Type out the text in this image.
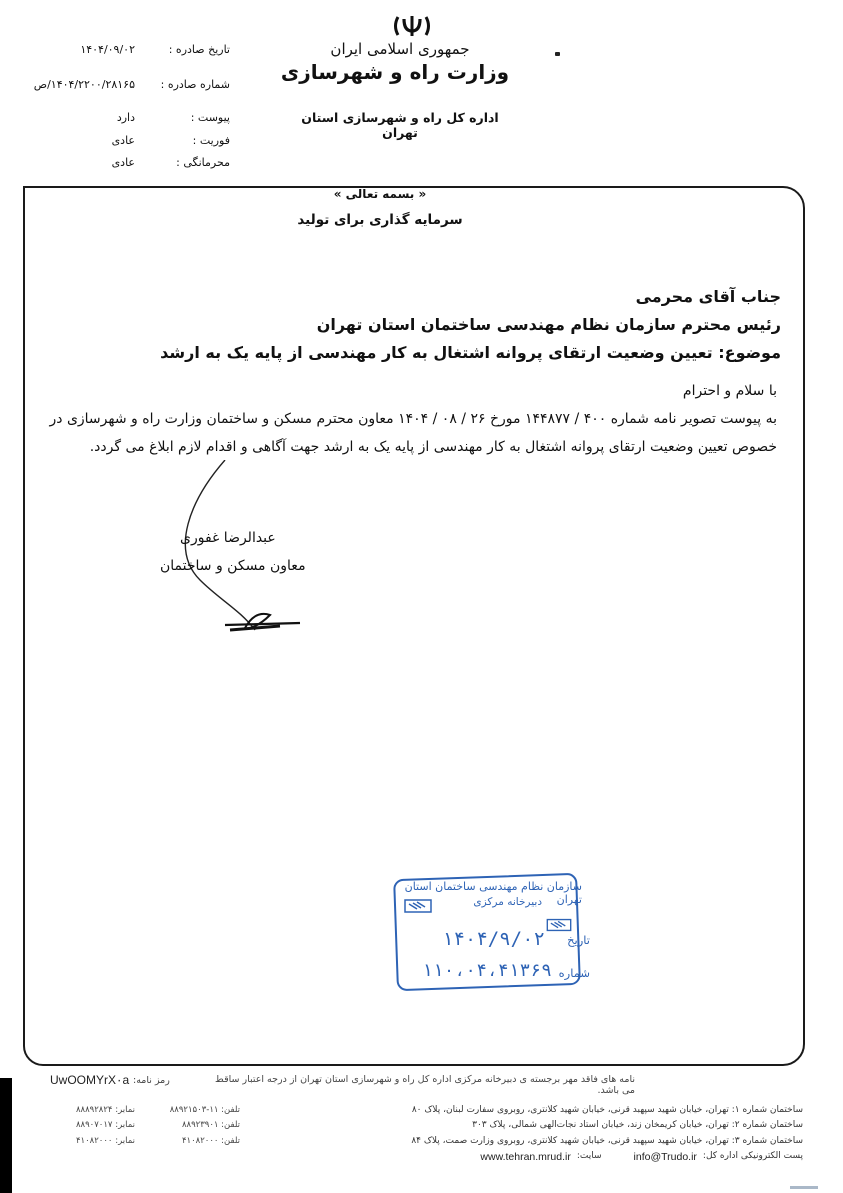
جمهوری اسلامی ایران
وزارت راه و شهرسازی
اداره کل راه و شهرسازی استان تهران
تاریخ صادره :
۱۴۰۴/۰۹/۰۲
شماره صادره :
۱۴۰۴/۲۲۰۰/۲۸۱۶۵/ص
پیوست :
دارد
فوریت :
عادی
محرمانگی :
عادی
« بسمه تعالی »
سرمایه گذاری برای تولید
جناب آقای محرمی
رئیس محترم سازمان نظام مهندسی ساختمان استان تهران
موضوع: تعیین وضعیت ارتقای پروانه اشتغال به کار مهندسی از پایه یک به ارشد
با سلام و احترام
به پیوست تصویر نامه شماره ۴۰۰ / ۱۴۴۸۷۷ مورخ ۲۶ / ۰۸ / ۱۴۰۴ معاون محترم مسکن و ساختمان وزارت راه و شهرسازی در
خصوص تعیین وضعیت ارتقای پروانه اشتغال به کار مهندسی از پایه یک به ارشد جهت آگاهی و اقدام لازم ابلاغ می گردد.
عبدالرضا غفوری
معاون مسکن و ساختمان
سازمان نظام مهندسی ساختمان استان تهران
دبیرخانه مرکزی
تاریخ
۱۴۰۴/۹/۰۲
شماره
۱۱۰،۰۴،۴۱۳۶۹
نامه های فاقد مهر برجسته ی دبیرخانه مرکزی اداره کل راه و شهرسازی استان تهران از درجه اعتبار ساقط می باشد.
رمز نامه:
UwOOMYrX۰a
ساختمان شماره ۱: تهران، خیابان شهید سپهبد قرنی، خیابان شهید کلانتری، روبروی سفارت لبنان، پلاک ۸۰
ساختمان شماره ۲: تهران، خیابان کریمخان زند، خیابان استاد نجات‌الهی شمالی، پلاک ۳۰۳
ساختمان شماره ۳: تهران، خیابان شهید سپهبد قرنی، خیابان شهید کلانتری، روبروی وزارت صمت، پلاک ۸۴
پست الکترونیکی اداره کل:
info@Trudo.ir
سایت:
www.tehran.mrud.ir
تلفن: ۱۱-۸۸۹۲۱۵۰۳
تلفن: ۸۸۹۲۳۹۰۱
تلفن: ۴۱۰۸۲۰۰۰
نمابر: ۸۸۸۹۲۸۲۴
نمابر: ۸۸۹۰۷۰۱۷
نمابر: ۴۱۰۸۲۰۰۰
